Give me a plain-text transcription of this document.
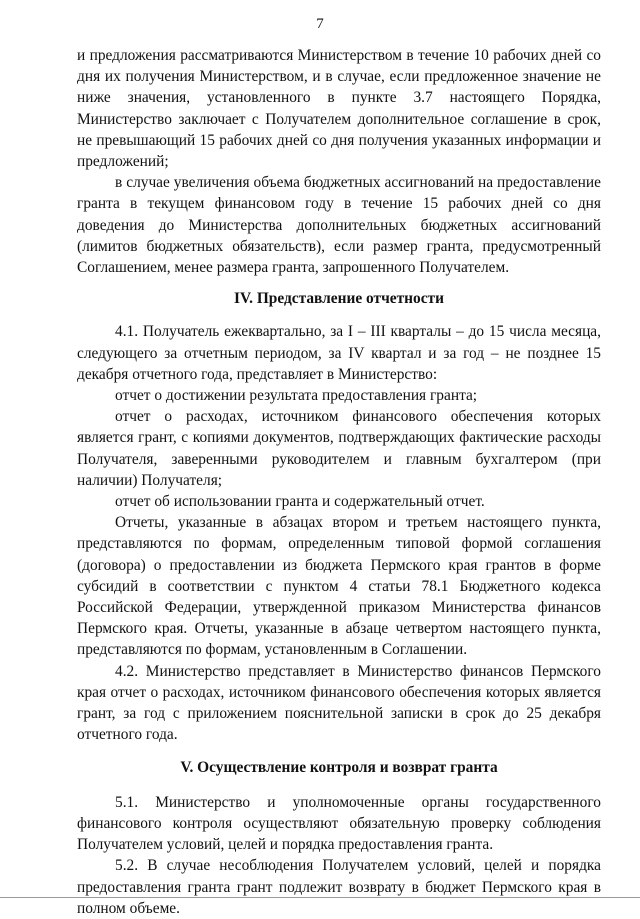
7

и предложения рассматриваются Министерством в течение 10 рабочих дней со дня их получения Министерством, и в случае, если предложенное значение не ниже значения, установленного в пункте 3.7 настоящего Порядка, Министерство заключает с Получателем дополнительное соглашение в срок, не превышающий 15 рабочих дней со дня получения указанных информации и предложений;

в случае увеличения объема бюджетных ассигнований на предоставление гранта в текущем финансовом году в течение 15 рабочих дней со дня доведения до Министерства дополнительных бюджетных ассигнований (лимитов бюджетных обязательств), если размер гранта, предусмотренный Соглашением, менее размера гранта, запрошенного Получателем.

IV. Представление отчетности

4.1. Получатель ежеквартально, за I – III кварталы – до 15 числа месяца, следующего за отчетным периодом, за IV квартал и за год – не позднее 15 декабря отчетного года, представляет в Министерство:

отчет о достижении результата предоставления гранта;

отчет о расходах, источником финансового обеспечения которых является грант, с копиями документов, подтверждающих фактические расходы Получателя, заверенными руководителем и главным бухгалтером (при наличии) Получателя;

отчет об использовании гранта и содержательный отчет.

Отчеты, указанные в абзацах втором и третьем настоящего пункта, представляются по формам, определенным типовой формой соглашения (договора) о предоставлении из бюджета Пермского края грантов в форме субсидий в соответствии с пунктом 4 статьи 78.1 Бюджетного кодекса Российской Федерации, утвержденной приказом Министерства финансов Пермского края. Отчеты, указанные в абзаце четвертом настоящего пункта, представляются по формам, установленным в Соглашении.

4.2. Министерство представляет в Министерство финансов Пермского края отчет о расходах, источником финансового обеспечения которых является грант, за год с приложением пояснительной записки в срок до 25 декабря отчетного года.

V. Осуществление контроля и возврат гранта

5.1. Министерство и уполномоченные органы государственного финансового контроля осуществляют обязательную проверку соблюдения Получателем условий, целей и порядка предоставления гранта.

5.2. В случае несоблюдения Получателем условий, целей и порядка предоставления гранта грант подлежит возврату в бюджет Пермского края в полном объеме.
